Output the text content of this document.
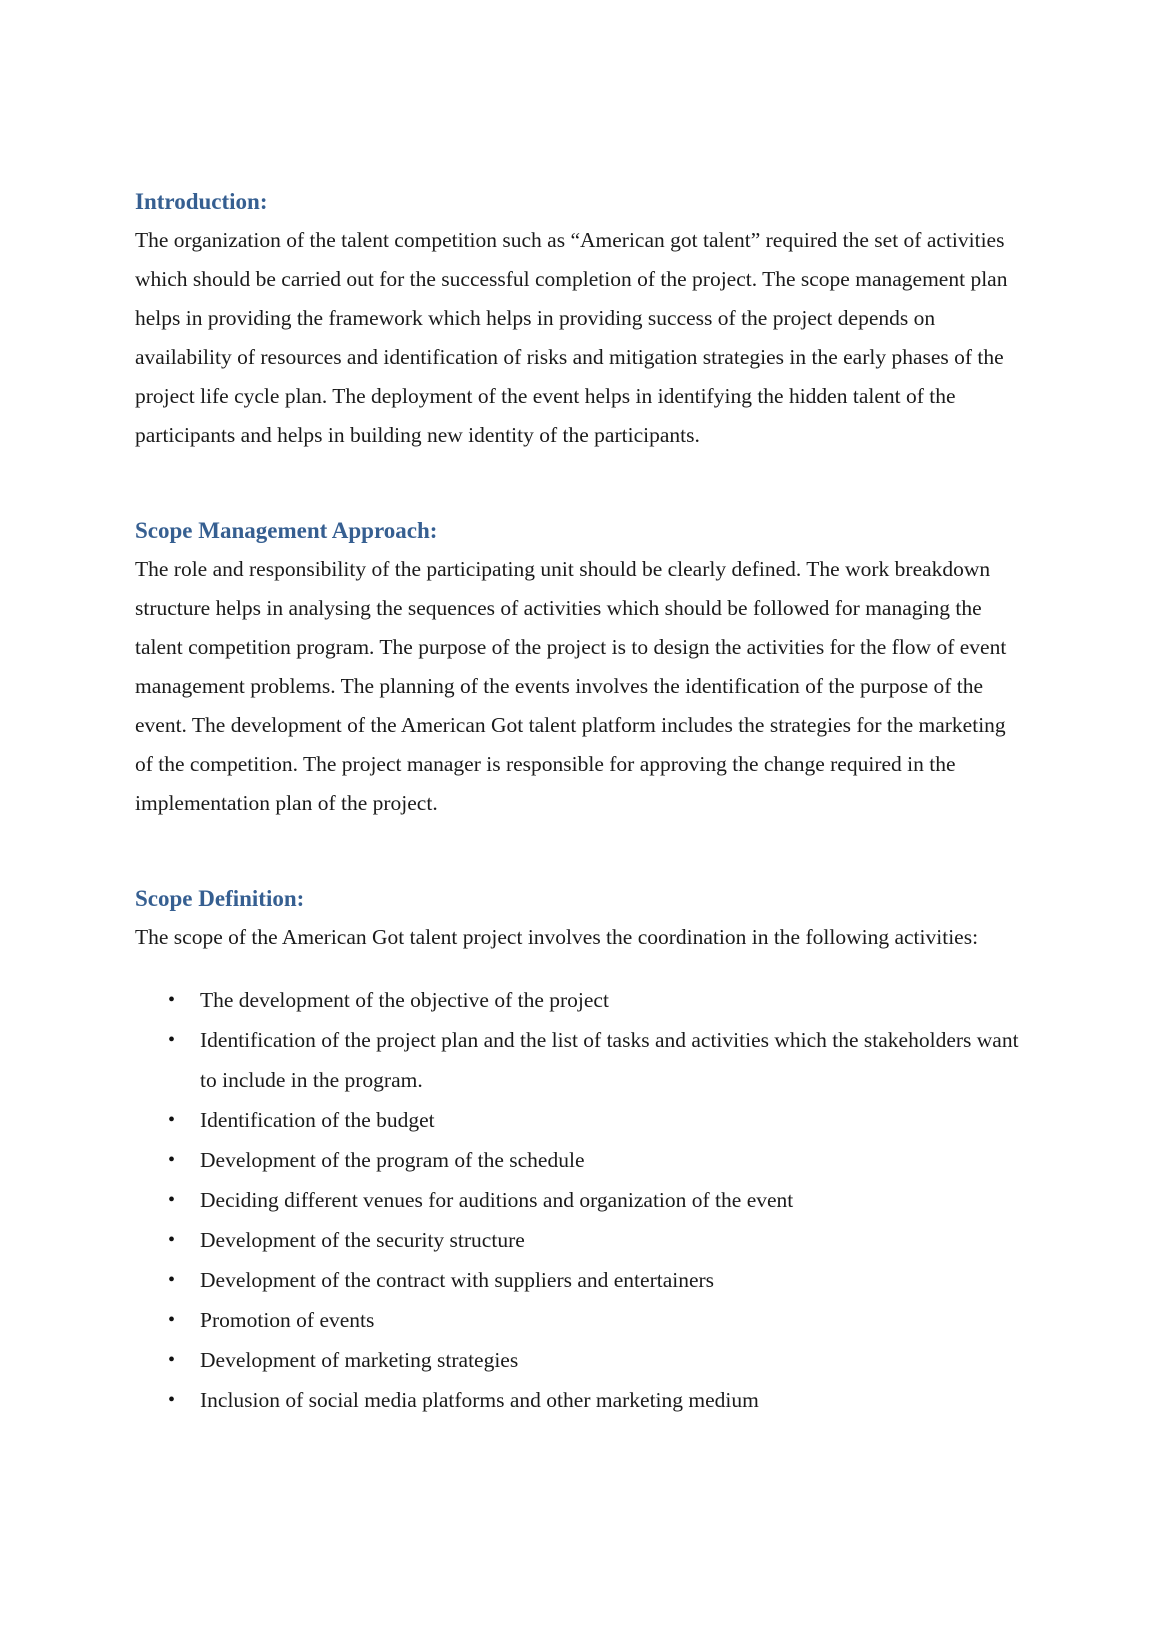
Introduction:

The organization of the talent competition such as “American got talent” required the set of activities which should be carried out for the successful completion of the project. The scope management plan helps in providing the framework which helps in providing success of the project depends on availability of resources and identification of risks and mitigation strategies in the early phases of the project life cycle plan. The deployment of the event helps in identifying the hidden talent of the participants and helps in building new identity of the participants.

Scope Management Approach:

The role and responsibility of the participating unit should be clearly defined. The work breakdown structure helps in analysing the sequences of activities which should be followed for managing the talent competition program. The purpose of the project is to design the activities for the flow of event management problems. The planning of the events involves the identification of the purpose of the event. The development of the American Got talent platform includes the strategies for the marketing of the competition. The project manager is responsible for approving the change required in the implementation plan of the project.

Scope Definition:

The scope of the American Got talent project involves the coordination in the following activities:

• The development of the objective of the project
• Identification of the project plan and the list of tasks and activities which the stakeholders want to include in the program.
• Identification of the budget
• Development of the program of the schedule
• Deciding different venues for auditions and organization of the event
• Development of the security structure
• Development of the contract with suppliers and entertainers
• Promotion of events
• Development of marketing strategies
• Inclusion of social media platforms and other marketing medium
